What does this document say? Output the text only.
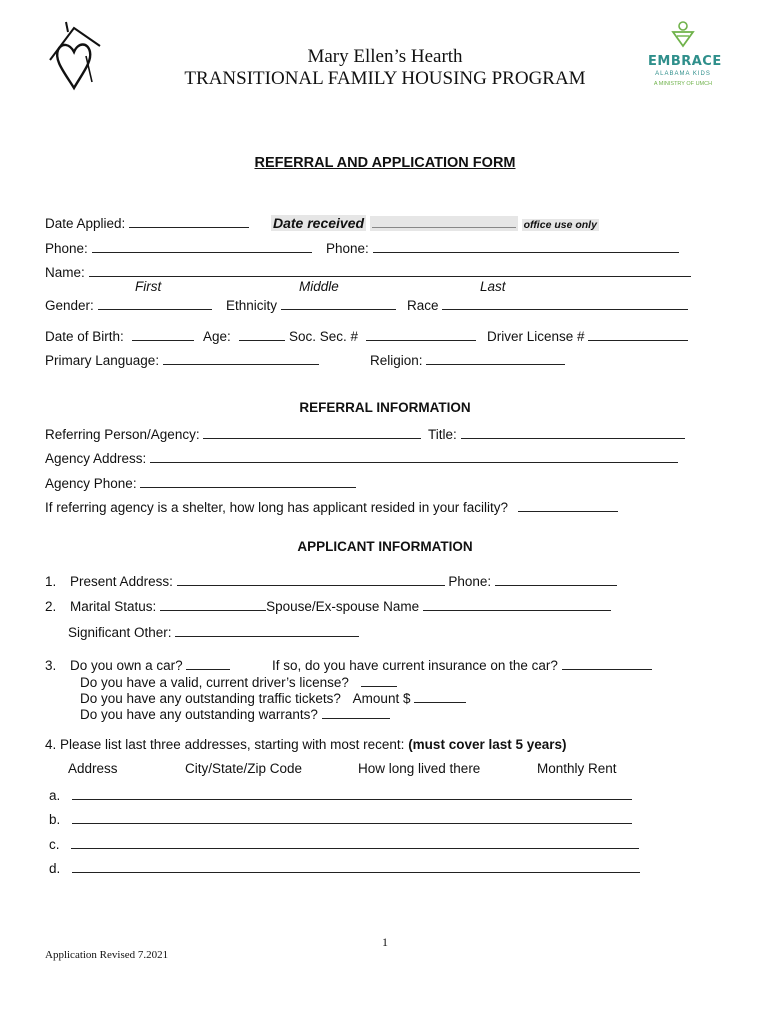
Mary Ellen’s Hearth
TRANSITIONAL FAMILY HOUSING PROGRAM
EMBRACE
ALABAMA KIDS
A MINISTRY OF UMCH
REFERRAL AND APPLICATION FORM
Date Applied:	Date received	office use only
Phone:	Phone:
Name:
First	Middle	Last
Gender:	Ethnicity	Race
Date of Birth:	Age:	Soc. Sec. #	Driver License #
Primary Language:	Religion:
REFERRAL INFORMATION
Referring Person/Agency:	Title:
Agency Address:
Agency Phone:
If referring agency is a shelter, how long has applicant resided in your facility?
APPLICANT INFORMATION
1. Present Address:	Phone:
2. Marital Status:	Spouse/Ex-spouse Name
Significant Other:
3. Do you own a car?	If so, do you have current insurance on the car?
Do you have a valid, current driver’s license?
Do you have any outstanding traffic tickets? Amount $
Do you have any outstanding warrants?
4. Please list last three addresses, starting with most recent: (must cover last 5 years)
Address	City/State/Zip Code	How long lived there	Monthly Rent
a.
b.
c.
d.
1
Application Revised 7.2021
